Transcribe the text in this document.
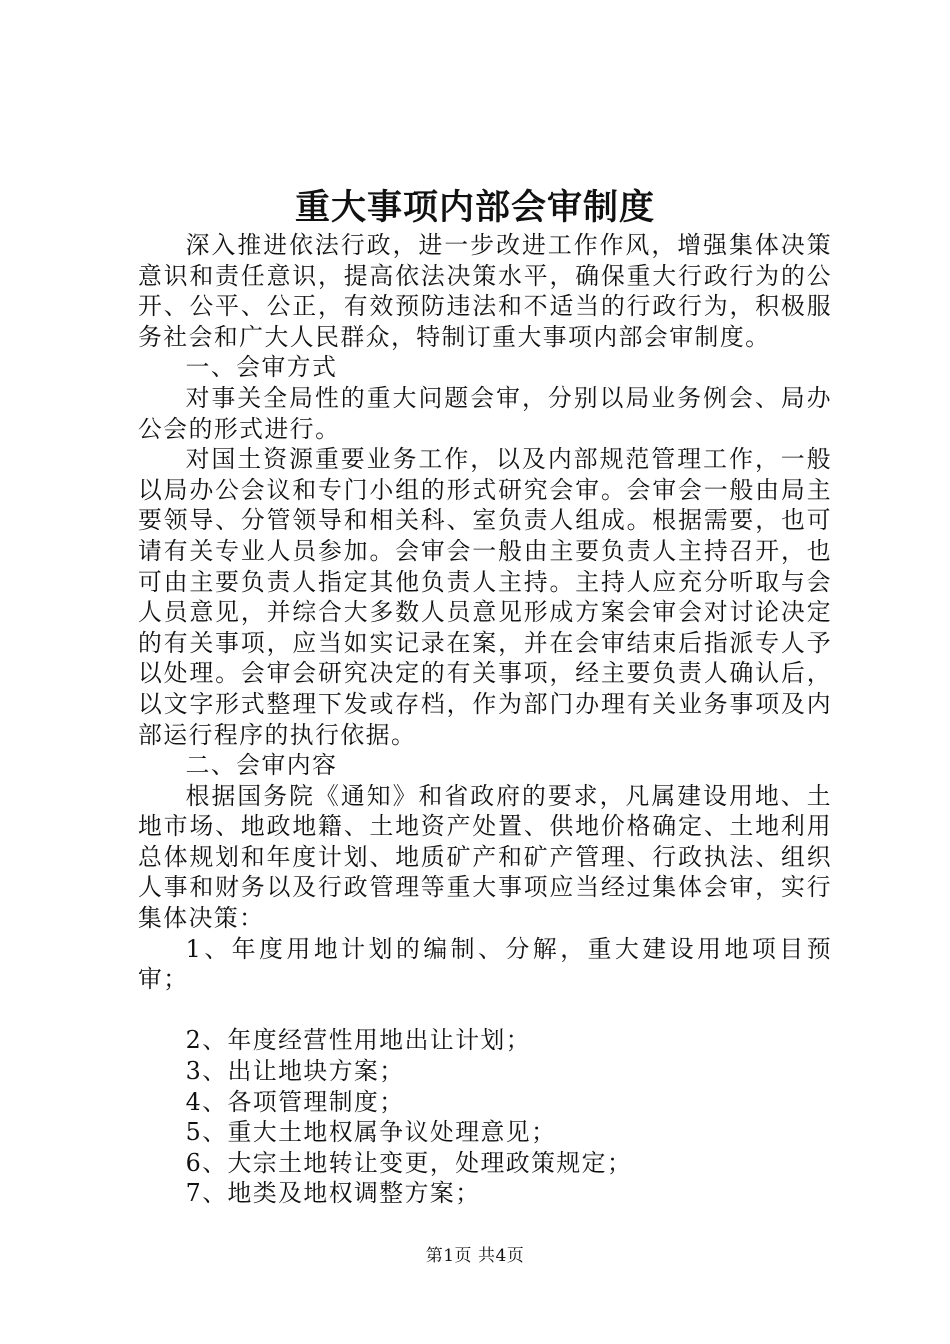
重大事项内部会审制度

深入推进依法行政，进一步改进工作作风，增强集体决策意识和责任意识，提高依法决策水平，确保重大行政行为的公开、公平、公正，有效预防违法和不适当的行政行为，积极服务社会和广大人民群众，特制订重大事项内部会审制度。

一、会审方式

对事关全局性的重大问题会审，分别以局业务例会、局办公会的形式进行。

对国土资源重要业务工作，以及内部规范管理工作，一般以局办公会议和专门小组的形式研究会审。会审会一般由局主要领导、分管领导和相关科、室负责人组成。根据需要，也可请有关专业人员参加。会审会一般由主要负责人主持召开，也可由主要负责人指定其他负责人主持。主持人应充分听取与会人员意见，并综合大多数人员意见形成方案会审会对讨论决定的有关事项，应当如实记录在案，并在会审结束后指派专人予以处理。会审会研究决定的有关事项，经主要负责人确认后，以文字形式整理下发或存档，作为部门办理有关业务事项及内部运行程序的执行依据。

二、会审内容

根据国务院《通知》和省政府的要求，凡属建设用地、土地市场、地政地籍、土地资产处置、供地价格确定、土地利用总体规划和年度计划、地质矿产和矿产管理、行政执法、组织人事和财务以及行政管理等重大事项应当经过集体会审，实行集体决策：

1、年度用地计划的编制、分解，重大建设用地项目预审；

2、年度经营性用地出让计划；

3、出让地块方案；

4、各项管理制度；

5、重大土地权属争议处理意见；

6、大宗土地转让变更，处理政策规定；

7、地类及地权调整方案；

第1页 共4页
